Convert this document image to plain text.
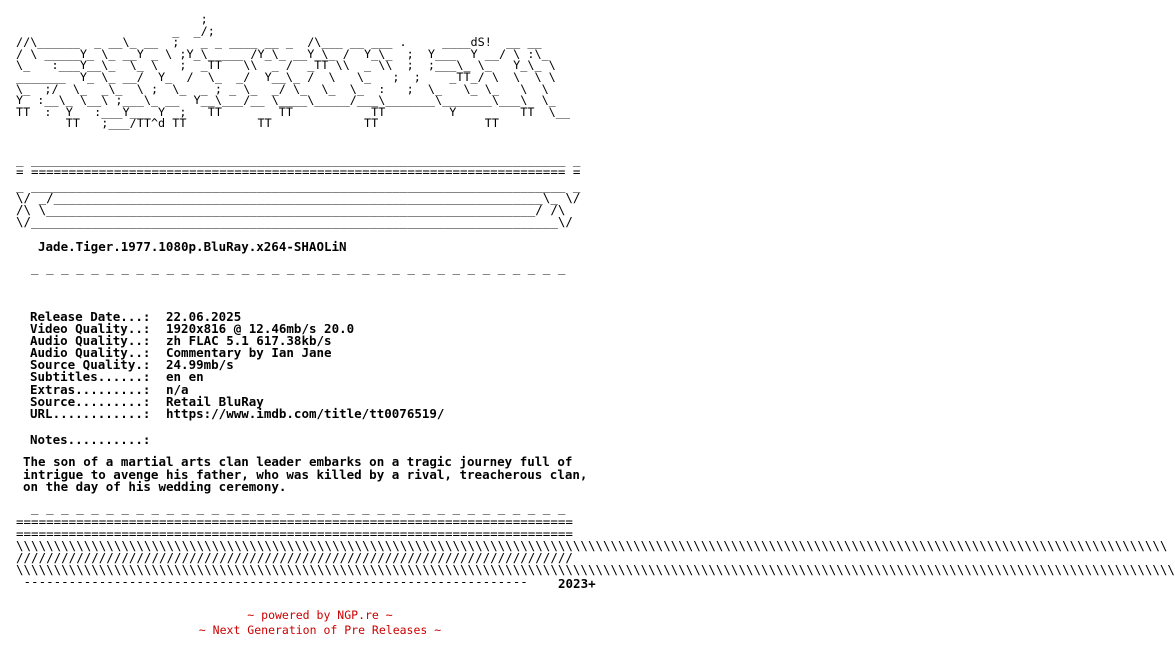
;
_  _/;
//\______  _ __\_ __  ;   _ _ ____ __ _  /\___ __ ___ .     ____dS!  __ __
/ \ _____Y_ \_ __Y _ \ ;Y_\_ ___ /Y_\_ __Y_\_ /  Y_\_  ;  Y___  Y __/ \ :\_
\_   :___Y__\_  \_ \   ;  _TT   \\  _ /  _TT \\  _ \\  ;  ;___\_ \_   Y_\_ \
_______  Y_ \_ __/  Y_  /  \_  _/  Y__\_ /  \   \_   ;  ;    _TT_/ \  \  \ \
\_  ;/  \_  _\_  \ ;  \_  _ ; _ \_  _/ \_  \_  \_  :   ;  \_   \_ \_   \  \
Y  :__\_ \__\ ;___\_ __  Y__\___/__ \____\_____/___\_______\_______\___\  \_
TT  :  Y   :___Y__  Y  ;   TT        TT           TT         Y         TT  \__
TT   ;___/TT^d TT          TT             TT               TT
_ _______________________________________________________________________ _
= ======================================================================= =
_ _______________________________________________________________________ _
\/ _/_________________________________________________________________\_ \/
/\ \_________________________________________________________________/ /\
\/______________________________________________________________________\/
Jade.Tiger.1977.1080p.BluRay.x264-SHAOLiN
_ _ _ _ _ _ _ _ _ _ _ _ _ _ _ _ _ _ _ _ _ _ _ _ _ _ _ _ _ _ _ _ _ _ _ _
Release Date...:	22.06.2025
Video Quality..:	1920x816 @ 12.46mb/s 20.0
Audio Quality..:	zh FLAC 5.1 617.38kb/s
Audio Quality..:	Commentary by Ian Jane
Source Quality.:	24.99mb/s
Subtitles......:	en en
Extras.........:	n/a
Source.........:	Retail BluRay
URL............:	https://www.imdb.com/title/tt0076519/
Notes..........:
The son of a martial arts clan leader embarks on a tragic journey full of intrigue to avenge his father, who was killed by a rival, treacherous clan, on the day of his wedding ceremony.
_ _ _ _ _ _ _ _ _ _ _ _ _ _ _ _ _ _ _ _ _ _ _ _ _ _ _ _ _ _ _ _ _ _ _ _
==========================================================================
==========================================================================
\\\\\\\\\\\\\\\\\\\\\\\\\\\\\\\\\\\\\\\\\\\\\\\\\\\\\\\\\\\\\\\\\\\\\\\\\\\\\\\\\\\\\\\\\\\\\\\\\\\\\\\\\\\\\\\\\\\\\\\\\\\\\\\\\\\\\\\\\\\\\\\\\\\\\\\\\
//////////////////////////////////////////////////////////////////////////
\\\\\\\\\\\\\\\\\\\\\\\\\\\\\\\\\\\\\\\\\\\\\\\\\\\\\\\\\\\\\\\\\\\\\\\\\\\\\\\\\\\\\\\\\\\\\\\\\\\\\\\\\\\\\\\\\\\\\\\\\\\\\\\\\\\\\\\\\\\\\\\\\\\\\\\\\\
-------------------------------------------------------------------	2023+
~ powered by NGP.re ~
~ Next Generation of Pre Releases ~
